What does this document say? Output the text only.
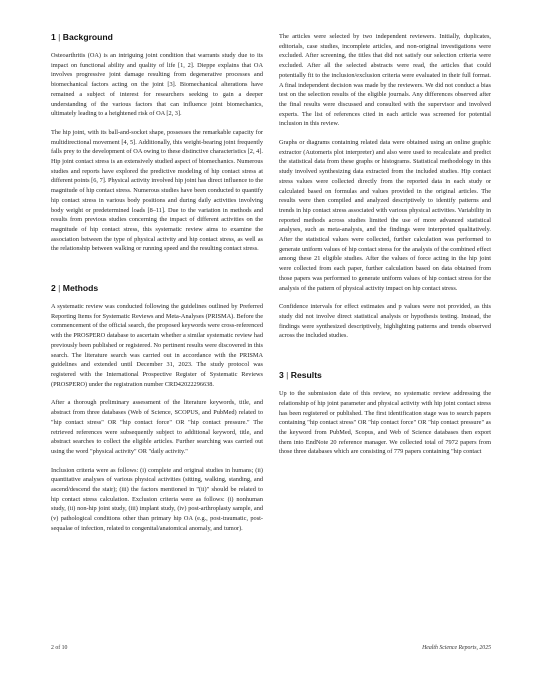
1 | Background

Osteoarthritis (OA) is an intriguing joint condition that warrants study due to its impact on functional ability and quality of life [1, 2]. Dieppe explains that OA involves progressive joint damage resulting from degenerative processes and biomechanical factors acting on the joint [3]. Biomechanical alterations have remained a subject of interest for researchers seeking to gain a deeper understanding of the various factors that can influence joint biomechanics, ultimately leading to a heightened risk of OA [2, 3].

The hip joint, with its ball-and-socket shape, possesses the remarkable capacity for multidirectional movement [4, 5]. Additionally, this weight-bearing joint frequently falls prey to the development of OA owing to these distinctive characteristics [2, 4]. Hip joint contact stress is an extensively studied aspect of biomechanics. Numerous studies and reports have explored the predictive modeling of hip contact stress at different points [6, 7]. Physical activity involved hip joint has direct influence to the magnitude of hip contact stress. Numerous studies have been conducted to quantify hip contact stress in various body positions and during daily activities involving body weight or predetermined loads [8–11]. Due to the variation in methods and results from previous studies concerning the impact of different activities on the magnitude of hip contact stress, this systematic review aims to examine the association between the type of physical activity and hip contact stress, as well as the relationship between walking or running speed and the resulting contact stress.

2 | Methods

A systematic review was conducted following the guidelines outlined by Preferred Reporting Items for Systematic Reviews and Meta-Analyses (PRISMA). Before the commencement of the official search, the proposed keywords were cross-referenced with the PROSPERO database to ascertain whether a similar systematic review had previously been published or registered. No pertinent results were discovered in this search. The literature search was carried out in accordance with the PRISMA guidelines and extended until December 31, 2023. The study protocol was registered with the International Prospective Register of Systematic Reviews (PROSPERO) under the registration number CRD42022296638.

After a thorough preliminary assessment of the literature keywords, title, and abstract from three databases (Web of Science, SCOPUS, and PubMed) related to "hip contact stress" OR "hip contact force" OR "hip contact pressure." The retrieved references were subsequently subject to additional keyword, title, and abstract searches to collect the eligible articles. Further searching was carried out using the word "physical activity" OR "daily activity."

Inclusion criteria were as follows: (i) complete and original studies in humans; (ii) quantitative analyses of various physical activities (sitting, walking, standing, and ascend/descend the stair); (iii) the factors mentioned in "(ii)" should be related to hip contact stress calculation. Exclusion criteria were as follows: (i) nonhuman study, (ii) non-hip joint study, (iii) implant study, (iv) post-arthroplasty sample, and (v) pathological conditions other than primary hip OA (e.g., post-traumatic, post-sequalae of infection, related to congenital/anatomical anomaly, and tumor).

The articles were selected by two independent reviewers. Initially, duplicates, editorials, case studies, incomplete articles, and non-original investigations were excluded. After screening, the titles that did not satisfy our selection criteria were excluded. After all the selected abstracts were read, the articles that could potentially fit to the inclusion/exclusion criteria were evaluated in their full format. A final independent decision was made by the reviewers. We did not conduct a bias test on the selection results of the eligible journals. Any differences observed after the final results were discussed and consulted with the supervisor and involved experts. The list of references cited in each article was screened for potential inclusion in this review.

Graphs or diagrams containing related data were obtained using an online graphic extractor (Automeris plot interpreter) and also were used to recalculate and predict the statistical data from these graphs or histograms. Statistical methodology in this study involved synthesizing data extracted from the included studies. Hip contact stress values were collected directly from the reported data in each study or calculated based on formulas and values provided in the original articles. The results were then compiled and analyzed descriptively to identify patterns and trends in hip contact stress associated with various physical activities. Variability in reported methods across studies limited the use of more advanced statistical analyses, such as meta-analysis, and the findings were interpreted qualitatively. After the statistical values were collected, further calculation was performed to generate uniform values of hip contact stress for the analysis of the combined effect among these 21 eligible studies. After the values of force acting in the hip joint were collected from each paper, further calculation based on data obtained from those papers was performed to generate uniform values of hip contact stress for the analysis of the pattern of physical activity impact on hip contact stress.

Confidence intervals for effect estimates and p values were not provided, as this study did not involve direct statistical analysis or hypothesis testing. Instead, the findings were synthesized descriptively, highlighting patterns and trends observed across the included studies.

3 | Results

Up to the submission date of this review, no systematic review addressing the relationship of hip joint parameter and physical activity with hip joint contact stress has been registered or published. The first identification stage was to search papers containing "hip contact stress" OR "hip contact force" OR "hip contact pressure" as the keyword from PubMed, Scopus, and Web of Science databases then export them into EndNote 20 reference manager. We collected total of 7972 papers from those three databases which are consisting of 779 papers containing "hip contact

2 of 10	Health Science Reports, 2025
